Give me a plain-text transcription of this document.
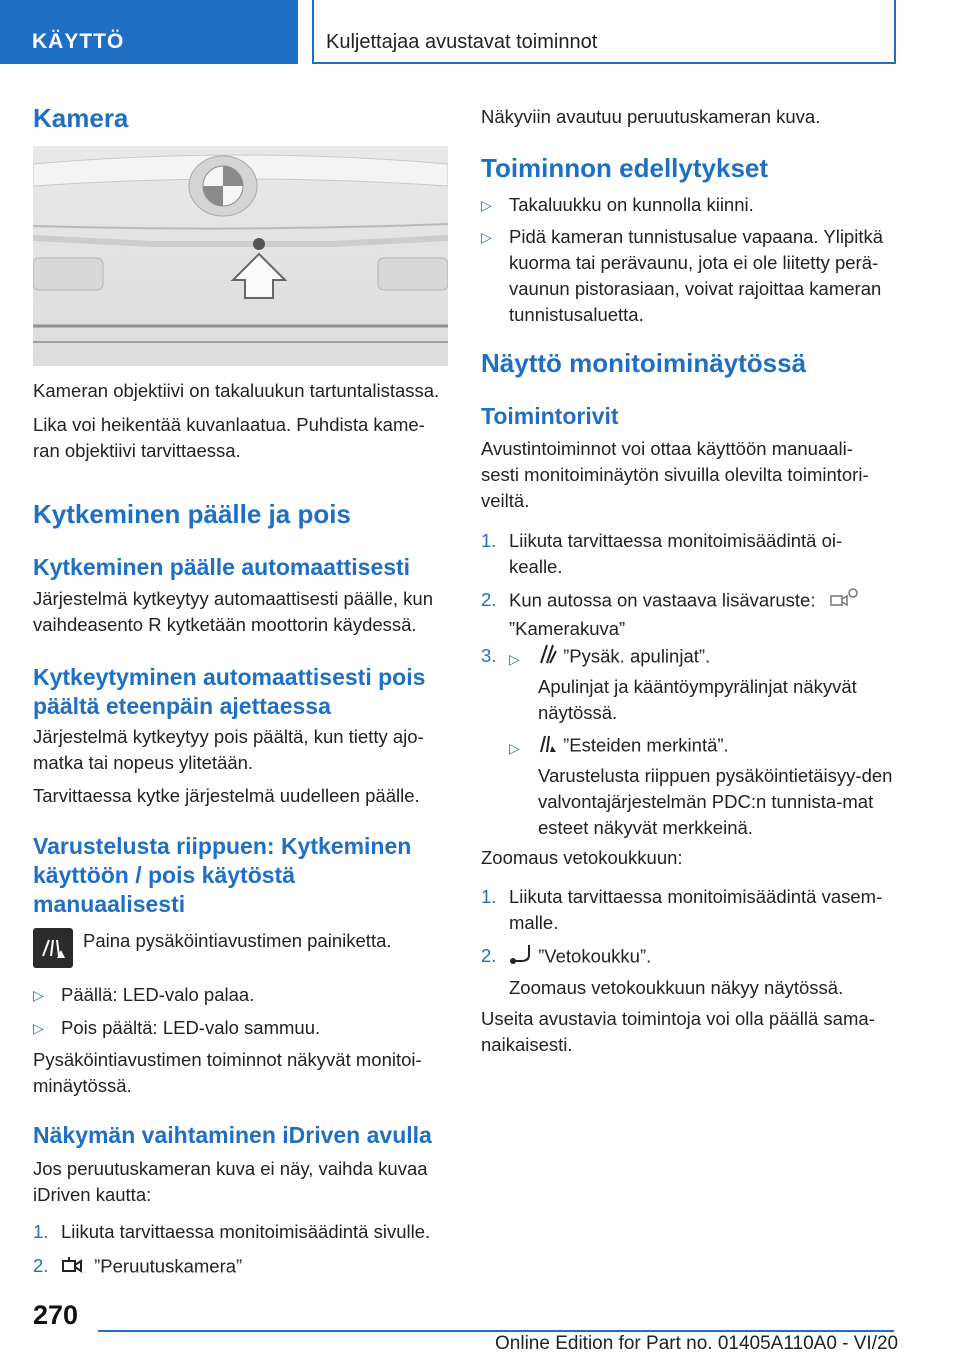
KÄYTTÖ	Kuljettajaa avustavat toiminnot
Kamera
Kameran objektiivi on takaluukun tartuntalistassa.
Lika voi heikentää kuvanlaatua. Puhdista kame-ran objektiivi tarvittaessa.
Kytkeminen päälle ja pois
Kytkeminen päälle automaattisesti
Järjestelmä kytkeytyy automaattisesti päälle, kun vaihdeasento R kytketään moottorin käydessä.
Kytkeytyminen automaattisesti pois päältä eteenpäin ajettaessa
Järjestelmä kytkeytyy pois päältä, kun tietty ajo-matka tai nopeus ylitetään.
Tarvittaessa kytke järjestelmä uudelleen päälle.
Varustelusta riippuen: Kytkeminen käyttöön / pois käytöstä manuaalisesti
Paina pysäköintiavustimen painiketta.
▷ Päällä: LED-valo palaa.
▷ Pois päältä: LED-valo sammuu.
Pysäköintiavustimen toiminnot näkyvät monitoi-minäytössä.
Näkymän vaihtaminen iDriven avulla
Jos peruutuskameran kuva ei näy, vaihda kuvaa iDriven kautta:
1. Liikuta tarvittaessa monitoimisäädintä sivulle.
2.	”Peruutuskamera”
Näkyviin avautuu peruutuskameran kuva.
Toiminnon edellytykset
▷ Takaluukku on kunnolla kiinni.
▷ Pidä kameran tunnistusalue vapaana. Ylipitkä kuorma tai perävaunu, jota ei ole liitetty perä-vaunun pistorasiaan, voivat rajoittaa kameran tunnistusaluetta.
Näyttö monitoiminäytössä
Toimintorivit
Avustintoiminnot voi ottaa käyttöön manuaali-sesti monitoiminäytön sivuilla olevilta toimintori-veiltä.
1. Liikuta tarvittaessa monitoimisäädintä oi-kealle.
2. Kun autossa on vastaava lisävaruste:
”Kamerakuva”
3. ▷	”Pysäk. apulinjat”.
Apulinjat ja kääntöympyrälinjat näkyvät näytössä.
▷	”Esteiden merkintä”.
Varustelusta riippuen pysäköintietäisyy-den valvontajärjestelmän PDC:n tunnista-mat esteet näkyvät merkkeinä.
Zoomaus vetokoukkuun:
1. Liikuta tarvittaessa monitoimisäädintä vasem-malle.
2.	”Vetokoukku”.
Zoomaus vetokoukkuun näkyy näytössä.
Useita avustavia toimintoja voi olla päällä sama-naikaisesti.
270
Online Edition for Part no. 01405A110A0 - VI/20
